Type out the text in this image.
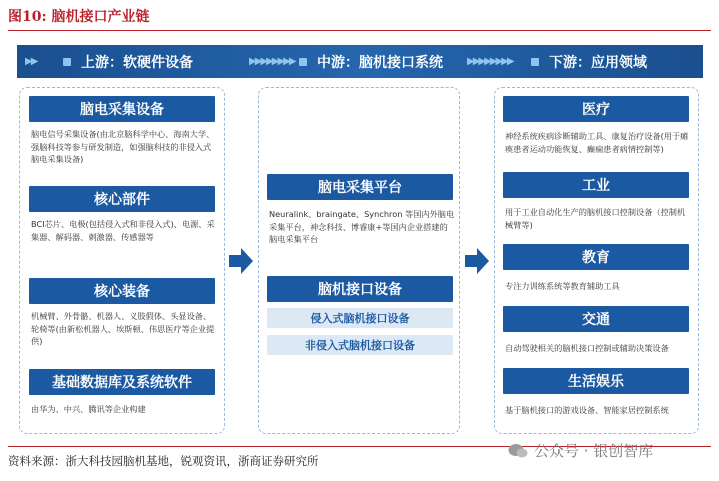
图10: 脑机接口产业链
▶▶	上游：软硬件设备	▶▶▶▶▶▶▶▶ 中游：脑机接口系统 ▶▶▶▶▶▶▶▶	下游：应用领域
脑电采集设备
脑电信号采集设备(由北京脑科学中心、海南大学、强脑科技等参与研发制造，如强脑科技的非侵入式脑电采集设备)
核心部件
BCI芯片、电极(包括侵入式和非侵入式)、电源、采集器、解码器、刺激器、传感器等
核心装备
机械臂、外骨骼、机器人、义肢假体、头显设备、轮椅等(由新松机器人、埃斯顿、伟思医疗等企业提供)
基础数据库及系统软件
由华为、中兴、腾讯等企业构建
脑电采集平台
Neuralink、braingate、Synchron 等国内外脑电采集平台，神念科技、博睿康+等国内企业搭建的脑电采集平台
脑机接口设备
侵入式脑机接口设备
非侵入式脑机接口设备
医疗
神经系统疾病诊断辅助工具、康复治疗设备(用于瘫痪患者运动功能恢复、癫痫患者病情控制等)
工业
用于工业自动化生产的脑机接口控制设备（控制机械臂等)
教育
专注力训练系统等教育辅助工具
交通
自动驾驶相关的脑机接口控制或辅助决策设备
生活娱乐
基于脑机接口的游戏设备、智能家居控制系统
资料来源：浙大科技园脑机基地，锐观资讯，浙商证券研究所
公众号 · 银创智库
